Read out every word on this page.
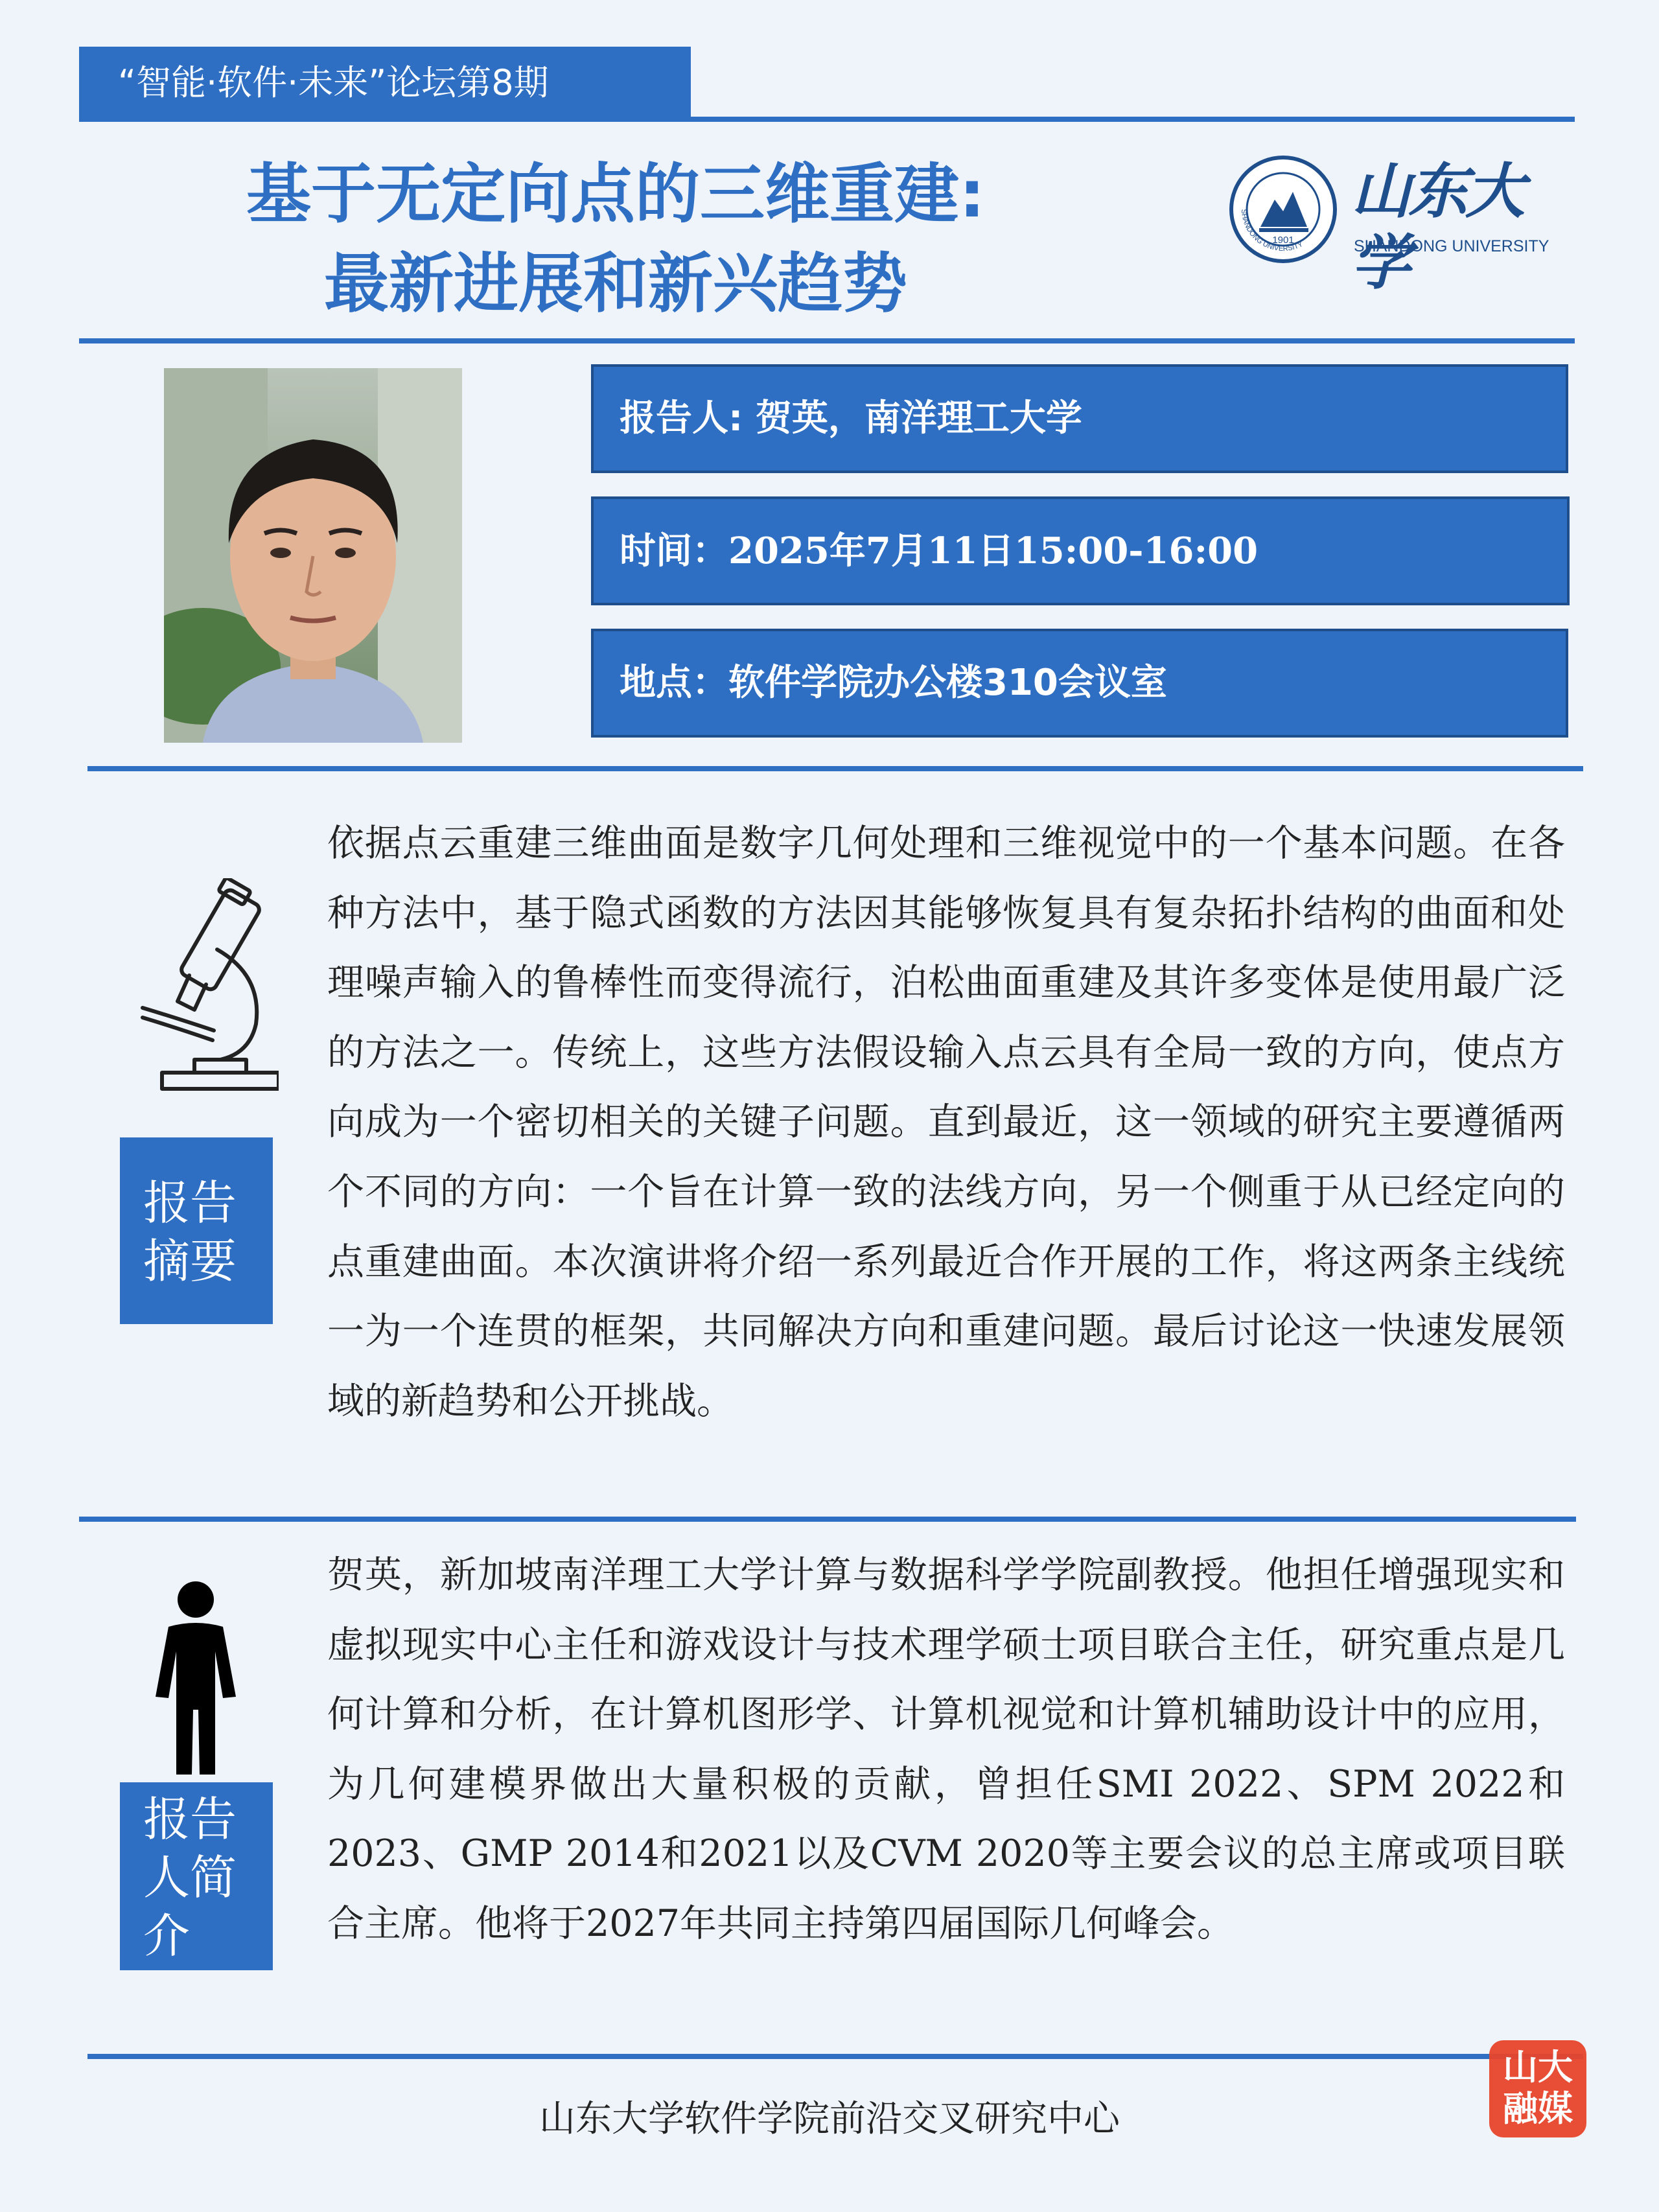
“智能·软件·未来”论坛第8期
基于无定向点的三维重建:
最新进展和新兴趋势
1901
SHANDONG UNIVERSITY
山东大学
SHANDONG UNIVERSITY
报告人: 贺英，南洋理工大学
时间：2025年7月11日15:00-16:00
地点：软件学院办公楼310会议室
报告
摘要
依据点云重建三维曲面是数字几何处理和三维视觉中的一个基本问题。在各种方法中，基于隐式函数的方法因其能够恢复具有复杂拓扑结构的曲面和处理噪声输入的鲁棒性而变得流行，泊松曲面重建及其许多变体是使用最广泛的方法之一。传统上，这些方法假设输入点云具有全局一致的方向，使点方向成为一个密切相关的关键子问题。直到最近，这一领域的研究主要遵循两个不同的方向：一个旨在计算一致的法线方向，另一个侧重于从已经定向的点重建曲面。本次演讲将介绍一系列最近合作开展的工作，将这两条主线统一为一个连贯的框架，共同解决方向和重建问题。最后讨论这一快速发展领域的新趋势和公开挑战。
报告
人简
介
贺英，新加坡南洋理工大学计算与数据科学学院副教授。他担任增强现实和虚拟现实中心主任和游戏设计与技术理学硕士项目联合主任，研究重点是几何计算和分析，在计算机图形学、计算机视觉和计算机辅助设计中的应用，为几何建模界做出大量积极的贡献，曾担任SMI 2022、SPM 2022和2023、GMP 2014和2021以及CVM 2020等主要会议的总主席或项目联合主席。他将于2027年共同主持第四届国际几何峰会。
山东大学软件学院前沿交叉研究中心
山大
融媒
